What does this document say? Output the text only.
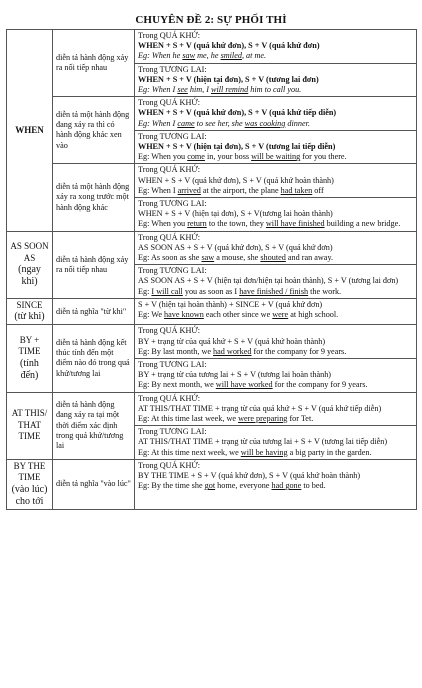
CHUYÊN ĐỀ 2: SỰ PHỐI THÌ
WHEN	diễn tả hành động xảy ra nối tiếp nhau	Trong QUÁ KHỨ:
WHEN + S + V (quá khứ đơn), S + V (quá khứ đơn)
Eg: When he saw me, he smiled, at me.

		Trong TƯƠNG LAI:
WHEN + S + V (hiện tại đơn), S + V (tương lai đơn)
Eg: When I see him, I will remind him to call you.

	diễn tả một hành động đang xảy ra thì có hành động khác xen vào	Trong QUÁ KHỨ:
WHEN + S + V (quá khứ đơn), S + V (quá khứ tiếp diễn)
Eg: When I came to see her, she was cooking dinner.

		Trong TƯƠNG LAI:
WHEN + S + V (hiện tại đơn), S + V (tương lai tiếp diễn)
Eg: When you come in, your boss will be waiting for you there.

	diễn tả một hành động xảy ra xong trước một hành động khác	Trong QUÁ KHỨ:
WHEN + S + V (quá khứ đơn), S + V (quá khứ hoàn thành)
Eg: When I arrived at the airport, the plane had taken off

		Trong TƯƠNG LAI:
WHEN + S + V (hiện tại đơn), S + V(tương lai hoàn thành)
Eg: When you return to the town, they will have finished building a new bridge.

AS SOON AS
(ngay khi)	diễn tả hành động xảy ra nối tiếp nhau	Trong QUÁ KHỨ:
AS SOON AS + S + V (quá khứ đơn), S + V (quá khứ đơn)
Eg: As soon as she saw a mouse, she shouted and ran away.

		Trong TƯƠNG LAI:
AS SOON AS + S + V (hiện tại đơn/hiện tại hoàn thành), S + V (tương lai đơn)
Eg: I will call you as soon as I have finished / finish the work.

SINCE
(từ khi)	diễn tả nghĩa "từ khi"	S + V (hiện tại hoàn thành) + SINCE + V (quá khứ đơn)
Eg: We have known each other since we were at high school.

BY + TIME
(tính đến)	diễn tả hành động kết thúc tính đến một điểm nào đó trong quá khứ/tương lai	Trong QUÁ KHỨ:
BY + trạng từ của quá khứ + S + V (quá khứ hoàn thành)
Eg: By last month, we had worked for the company for 9 years.

		Trong TƯƠNG LAI:
BY + trạng từ của tương lai + S + V (tương lai hoàn thành)
Eg: By next month, we will have worked for the company for 9 years.

AT THIS/ THAT TIME	diễn tả hành động đang xảy ra tại một thời điểm xác định trong quá khứ/tương lai	Trong QUÁ KHỨ:
AT THIS/THAT TIME + trạng từ của quá khứ + S + V (quá khứ tiếp diễn)
Eg: At this time last week, we were preparing for Tet.

		Trong TƯƠNG LAI:
AT THIS/THAT TIME + trạng từ của tương lai + S + V (tương lai tiếp diễn)
Eg: At this time next week, we will be having a big party in the garden.

BY THE TIME
(vào lúc) cho tới	diễn tả nghĩa "vào lúc"	Trong QUÁ KHỨ:
BY THE TIME + S + V (quá khứ đơn), S + V (quá khứ hoàn thành)
Eg: By the time she got home, everyone had gone to bed.
